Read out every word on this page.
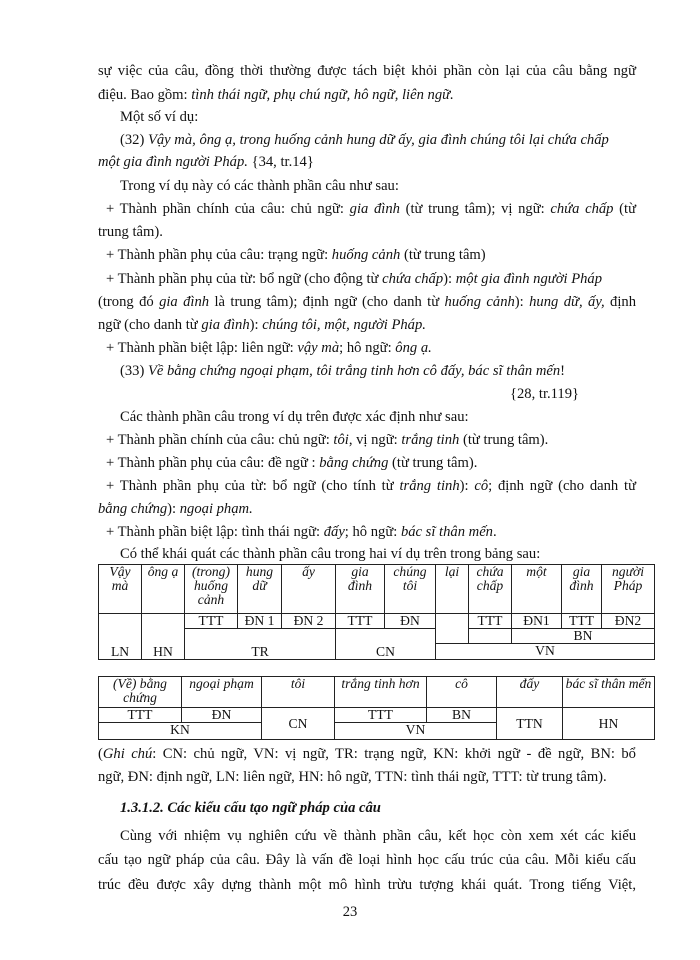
sự việc của câu, đồng thời thường được tách biệt khỏi phần còn lại của câu bằng ngữ
điệu. Bao gồm: tình thái ngữ, phụ chú ngữ, hô ngữ, liên ngữ.
Một số ví dụ:
(32) Vậy mà, ông ạ, trong huống cảnh hung dữ ấy, gia đình chúng tôi lại chứa chấp
một gia đình người Pháp. {34, tr.14}
Trong ví dụ này có các thành phần câu như sau:
+ Thành phần chính của câu: chủ ngữ: gia đình (từ trung tâm); vị ngữ: chứa chấp (từ
trung tâm).
+ Thành phần phụ của câu: trạng ngữ: huống cảnh (từ trung tâm)
+ Thành phần phụ của từ: bổ ngữ (cho động từ chứa chấp): một gia đình người Pháp
(trong đó gia đình là trung tâm); định ngữ (cho danh từ huống cảnh): hung dữ, ấy, định
ngữ (cho danh từ gia đình): chúng tôi, một, người Pháp.
+ Thành phần biệt lập: liên ngữ: vậy mà; hô ngữ: ông ạ.
(33) Về bằng chứng ngoại phạm, tôi trắng tinh hơn cô đấy, bác sĩ thân mến!
{28, tr.119}
Các thành phần câu trong ví dụ trên được xác định như sau:
+ Thành phần chính của câu: chủ ngữ: tôi, vị ngữ: trắng tinh (từ trung tâm).
+ Thành phần phụ của câu: đề ngữ : bằng chứng (từ trung tâm).
+ Thành phần phụ của từ: bổ ngữ (cho tính từ trắng tinh): cô; định ngữ (cho danh từ
bằng chứng): ngoại phạm.
+ Thành phần biệt lập: tình thái ngữ: đấy; hô ngữ: bác sĩ thân mến.
Có thể khái quát các thành phần câu trong hai ví dụ trên trong bảng sau:
Vậy mà	ông ạ	(trong) huống cảnh	hung dữ	ấy	gia đình	chúng tôi	lại	chứa chấp	một	gia đình	người Pháp
LN	HN	TTT	ĐN 1	ĐN 2	TTT	ĐN		TTT	ĐN1	TTT	ĐN2
		TR			CN				BN		
							VN				
(Về) bằng chứng	ngoại phạm	tôi	trắng tinh hơn	cô	đấy	bác sĩ thân mến
TTT	ĐN	CN	TTT	BN	TTN	HN
KN			VN			
(Ghi chú: CN: chủ ngữ, VN: vị ngữ, TR: trạng ngữ, KN: khởi ngữ - đề ngữ, BN: bổ
ngữ, ĐN: định ngữ, LN: liên ngữ, HN: hô ngữ, TTN: tình thái ngữ, TTT: từ trung tâm).
1.3.1.2. Các kiểu cấu tạo ngữ pháp của câu
Cùng với nhiệm vụ nghiên cứu về thành phần câu, kết học còn xem xét các kiểu
cấu tạo ngữ pháp của câu. Đây là vấn đề loại hình học cấu trúc của câu. Mỗi kiểu cấu
trúc đều được xây dựng thành một mô hình trừu tượng khái quát. Trong tiếng Việt,
23
